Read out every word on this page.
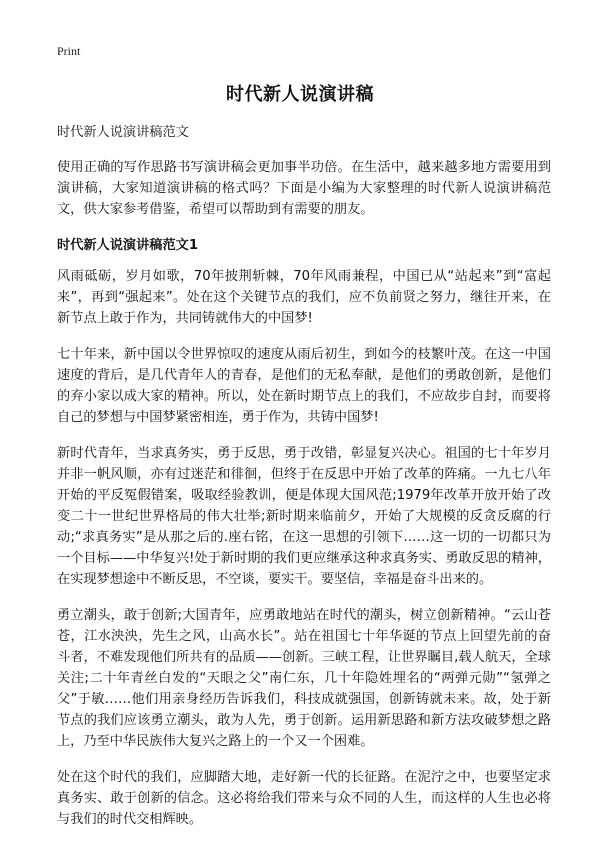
Print
时代新人说演讲稿

时代新人说演讲稿范文

使用正确的写作思路书写演讲稿会更加事半功倍。在生活中，越来越多地方需要用到演讲稿，大家知道演讲稿的格式吗？下面是小编为大家整理的时代新人说演讲稿范文，供大家参考借鉴，希望可以帮助到有需要的朋友。

时代新人说演讲稿范文1

风雨砥砺，岁月如歌，70年披荆斩棘，70年风雨兼程，中国已从“站起来”到“富起来”，再到“强起来”。处在这个关键节点的我们，应不负前贤之努力，继往开来，在新节点上敢于作为，共同铸就伟大的中国梦!

七十年来，新中国以令世界惊叹的速度从雨后初生，到如今的枝繁叶茂。在这一中国速度的背后，是几代青年人的青春，是他们的无私奉献，是他们的勇敢创新，是他们的弃小家以成大家的精神。所以，处在新时期节点上的我们，不应故步自封，而要将自己的梦想与中国梦紧密相连，勇于作为，共铸中国梦!

新时代青年，当求真务实，勇于反思，勇于改错，彰显复兴决心。祖国的七十年岁月并非一帆风顺，亦有过迷茫和徘徊，但终于在反思中开始了改革的阵痛。一九七八年开始的平反冤假错案，吸取经验教训，便是体现大国风范;1979年改革开放开始了改变二十一世纪世界格局的伟大壮举;新时期来临前夕，开始了大规模的反贪反腐的行动;“求真务实”是从那之后的.座右铭，在这一思想的引领下……这一切的一切都只为一个目标——中华复兴!处于新时期的我们更应继承这种求真务实、勇敢反思的精神，在实现梦想途中不断反思，不空谈，要实干。要坚信，幸福是奋斗出来的。

勇立潮头，敢于创新;大国青年，应勇敢地站在时代的潮头，树立创新精神。“云山苍苍，江水泱泱，先生之风，山高水长”。站在祖国七十年华诞的节点上回望先前的奋斗者，不难发现他们所共有的品质——创新。三峡工程，让世界瞩目,载人航天，全球关注;二十年青丝白发的“天眼之父”南仁东，几十年隐姓埋名的“两弹元勋”“氢弹之父”于敏……他们用亲身经历告诉我们，科技成就强国，创新铸就未来。故，处于新节点的我们应该勇立潮头，敢为人先，勇于创新。运用新思路和新方法攻破梦想之路上，乃至中华民族伟大复兴之路上的一个又一个困难。

处在这个时代的我们，应脚踏大地，走好新一代的长征路。在泥泞之中，也要坚定求真务实、敢于创新的信念。这必将给我们带来与众不同的人生，而这样的人生也必将与我们的时代交相辉映。
